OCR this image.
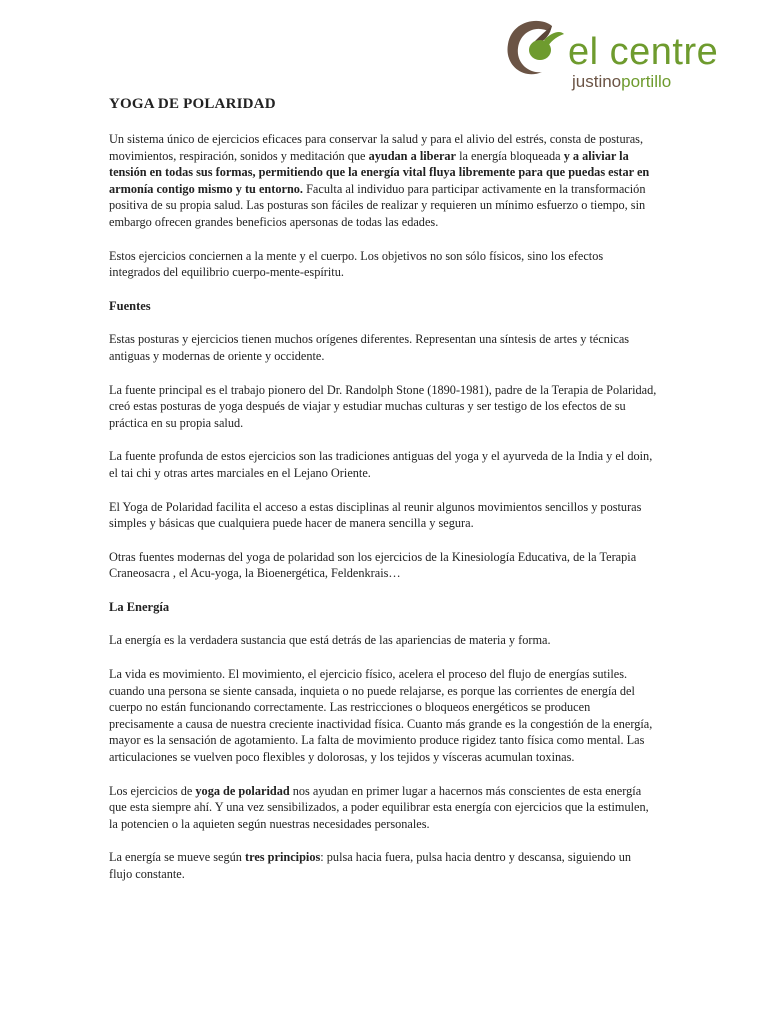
el centre
justinoportillo
YOGA DE POLARIDAD

Un sistema único de ejercicios eficaces para conservar la salud y para el alivio del estrés, consta de posturas, movimientos, respiración, sonidos y meditación que ayudan a liberar la energía bloqueada y a aliviar la tensión en todas sus formas, permitiendo que la energía vital fluya libremente para que puedas estar en armonía contigo mismo y tu entorno. Faculta al individuo para participar activamente en la transformación positiva de su propia salud. Las posturas son fáciles de realizar y requieren un mínimo esfuerzo o tiempo, sin embargo ofrecen grandes beneficios apersonas de todas las edades.

Estos ejercicios conciernen a la mente y el cuerpo. Los objetivos no son sólo físicos, sino los efectos integrados del equilibrio cuerpo-mente-espíritu.

Fuentes

Estas posturas y ejercicios tienen muchos orígenes diferentes. Representan una síntesis de artes y técnicas antiguas y modernas de oriente y occidente.

La fuente principal es el trabajo pionero del Dr. Randolph Stone (1890-1981), padre de la Terapia de Polaridad, creó estas posturas de yoga después de viajar y estudiar muchas culturas y ser testigo de los efectos de su práctica en su propia salud.

La fuente profunda de estos ejercicios son las tradiciones antiguas del yoga y el ayurveda de la India y el doin, el tai chi y otras artes marciales en el Lejano Oriente.

El Yoga de Polaridad facilita el acceso a estas disciplinas al reunir algunos movimientos sencillos y posturas simples y básicas que cualquiera puede hacer de manera sencilla y segura.

Otras fuentes modernas del yoga de polaridad son los ejercicios de la Kinesiología Educativa, de la Terapia Craneosacra , el Acu-yoga, la Bioenergética, Feldenkrais…

La Energía

La energía es la verdadera sustancia que está detrás de las apariencias de materia y forma.

La vida es movimiento. El movimiento, el ejercicio físico, acelera el proceso del flujo de energías sutiles. cuando una persona se siente cansada, inquieta o no puede relajarse, es porque las corrientes de energía del cuerpo no están funcionando correctamente. Las restricciones o bloqueos energéticos se producen precisamente a causa de nuestra creciente inactividad física. Cuanto más grande es la congestión de la energía, mayor es la sensación de agotamiento. La falta de movimiento produce rigidez tanto física como mental. Las articulaciones se vuelven poco flexibles y dolorosas, y los tejidos y vísceras acumulan toxinas.

Los ejercicios de yoga de polaridad nos ayudan en primer lugar a hacernos más conscientes de esta energía que esta siempre ahí. Y una vez sensibilizados, a poder equilibrar esta energía con ejercicios que la estimulen, la potencien o la aquieten según nuestras necesidades personales.

La energía se mueve según tres principios: pulsa hacia fuera, pulsa hacia dentro y descansa, siguiendo un flujo constante.
